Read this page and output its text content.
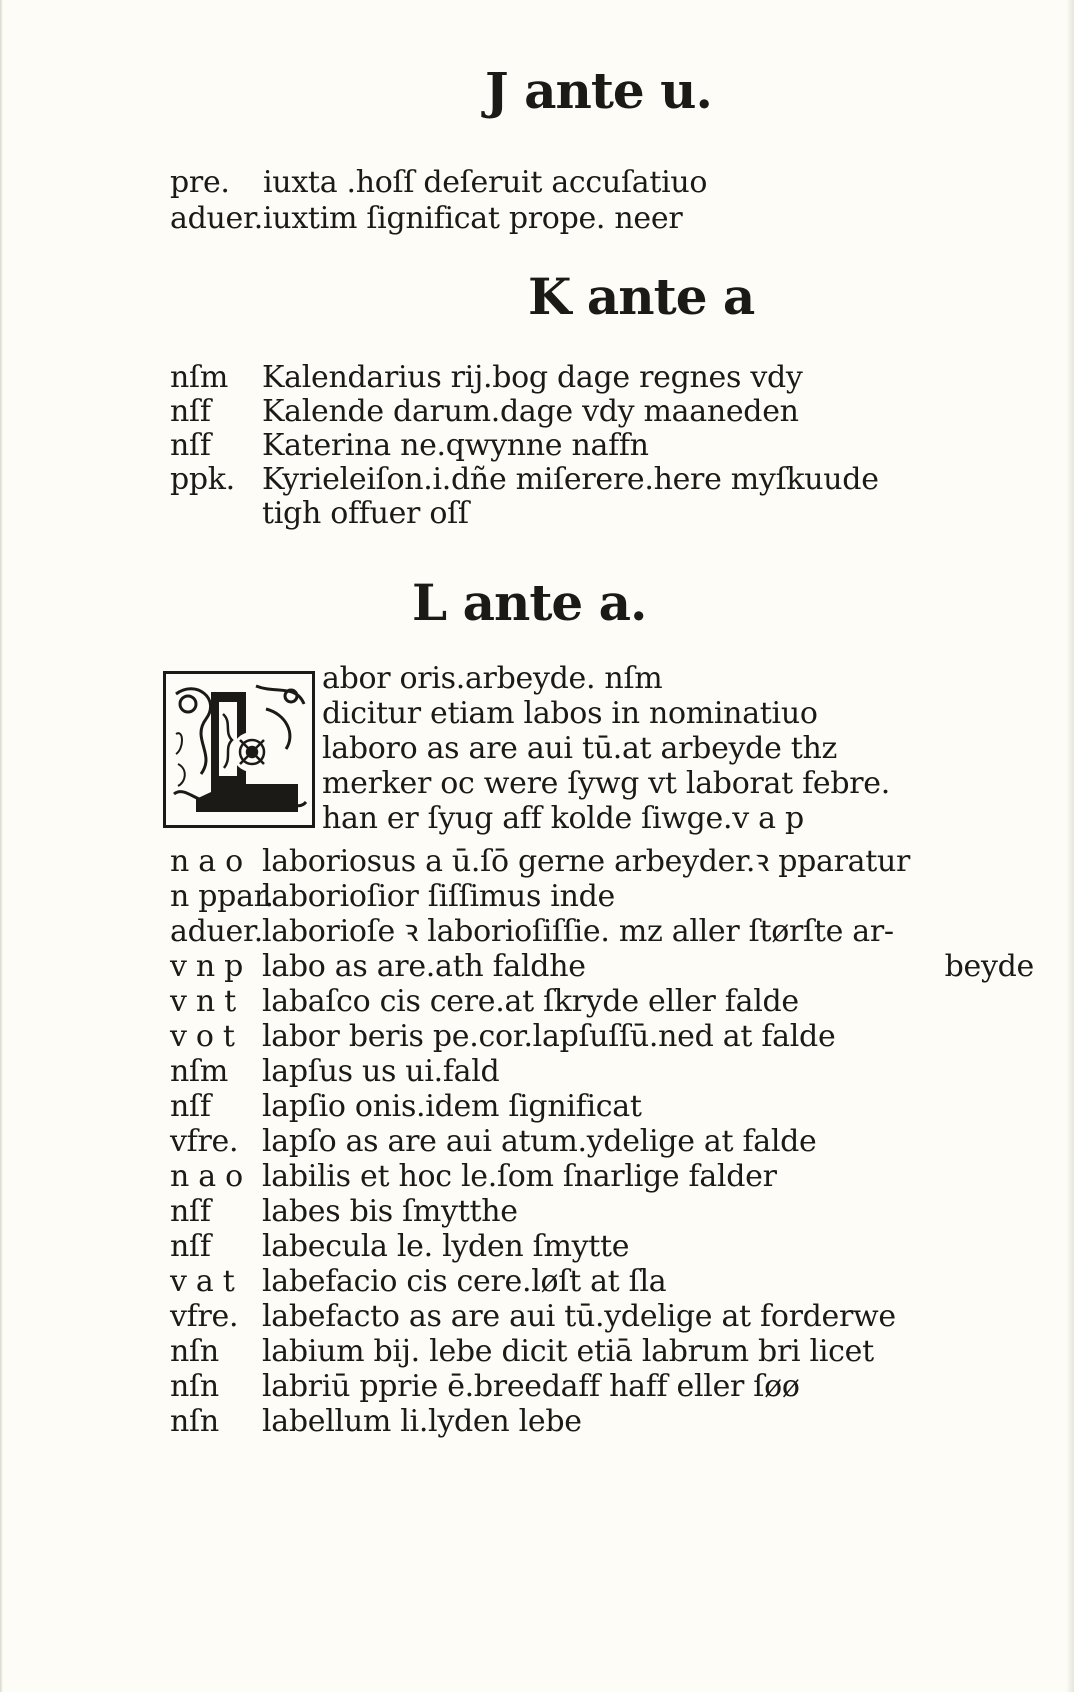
J ante u.
pre. iuxta .hoſſ deſeruit accuſatiuo
aduer. iuxtim ſignificat prope. neer
K ante a
nſm Kalendarius rij.bog dage regnes vdy
nſf Kalende darum.dage vdy maaneden
nſf Katerina ne.qwynne naffn
ppk. Kyrieleiſon.i.dñe miſerere.here myſkuude
tigh offuer oſſ
L ante a.
abor oris.arbeyde. nſm
dicitur etiam labos in nominatiuo
laboro as are aui tū.at arbeyde thz
merker oc were ſywg vt laborat febre.
han er ſyug aff kolde ſiwge.v a p
n a o laboriosus a ū.ſō gerne arbeyder.ꝛ pparatur
n ppar.
laborioſior ſiſſimus inde
aduer. laborioſe ꝛ laborioſiſſie. mz aller ſtørſte ar-
v n p labo as are.ath faldhe	beyde
v n t labaſco cis cere.at ſkryde eller falde
v o t labor beris pe.cor.lapſuſſū.ned at falde
nſm lapſus us ui.fald
nſf lapſio onis.idem ſignificat
vfre. lapſo as are aui atum.ydelige at falde
n a o labilis et hoc le.ſom ſnarlige falder
nſf labes bis ſmytthe
nſf labecula le. lyden ſmytte
v a t labefacio cis cere.løſt at ſla
vfre. labefacto as are aui tū.ydelige at forderwe
nſn labium bij. lebe dicit etiā labrum bri licet
nſn labriū pprie ē.breedaff haff eller ſøø
nſn labellum li.lyden lebe
